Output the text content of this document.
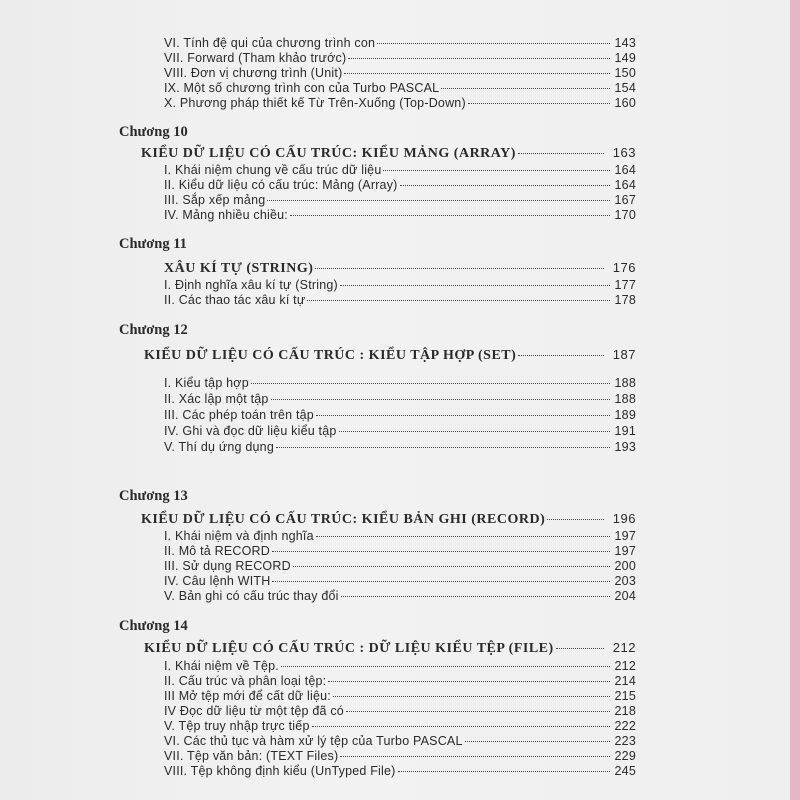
VI. Tính đệ qui của chương trình con	143
VII. Forward (Tham khảo trước)	149
VIII. Đơn vị chương trình (Unit)	150
IX. Một số chương trình con của Turbo PASCAL	154
X. Phương pháp thiết kế Từ Trên-Xuống (Top-Down)	160
Chương 10
KIỂU DỮ LIỆU CÓ CẤU TRÚC: KIỂU MẢNG (ARRAY)	163
I. Khái niệm chung về cấu trúc dữ liệu	164
II. Kiểu dữ liệu có cấu trúc: Mảng (Array)	164
III. Sắp xếp mảng	167
IV. Mảng nhiều chiều:	170
Chương 11
XÂU KÍ TỰ (STRING)	176
I. Định nghĩa xâu kí tự (String)	177
II. Các thao tác xâu kí tự	178
Chương 12
KIỂU DỮ LIỆU CÓ CẤU TRÚC : KIỂU TẬP HỢP (SET)	187
I. Kiểu tập hợp	188
II. Xác lập một tập	188
III. Các phép toán trên tập	189
IV. Ghi và đọc dữ liệu kiểu tập	191
V. Thí dụ ứng dụng	193
Chương 13
KIỂU DỮ LIỆU CÓ CẤU TRÚC: KIỂU BẢN GHI (RECORD)	196
I. Khái niệm và định nghĩa	197
II. Mô tả RECORD	197
III. Sử dụng RECORD	200
IV. Câu lệnh WITH	203
V. Bản ghi có cấu trúc thay đổi	204
Chương 14
KIỂU DỮ LIỆU CÓ CẤU TRÚC : DỮ LIỆU KIỂU TỆP (FILE)	212
I. Khái niệm về Tệp.	212
II. Cấu trúc và phân loại tệp:	214
III Mở tệp mới để cất dữ liệu:	215
IV Đọc dữ liệu từ một tệp đã có	218
V. Tệp truy nhập trực tiếp	222
VI. Các thủ tục và hàm xử lý tệp của Turbo PASCAL	223
VII. Tệp văn bản: (TEXT Files)	229
VIII. Tệp không định kiểu (UnTyped File)	245
